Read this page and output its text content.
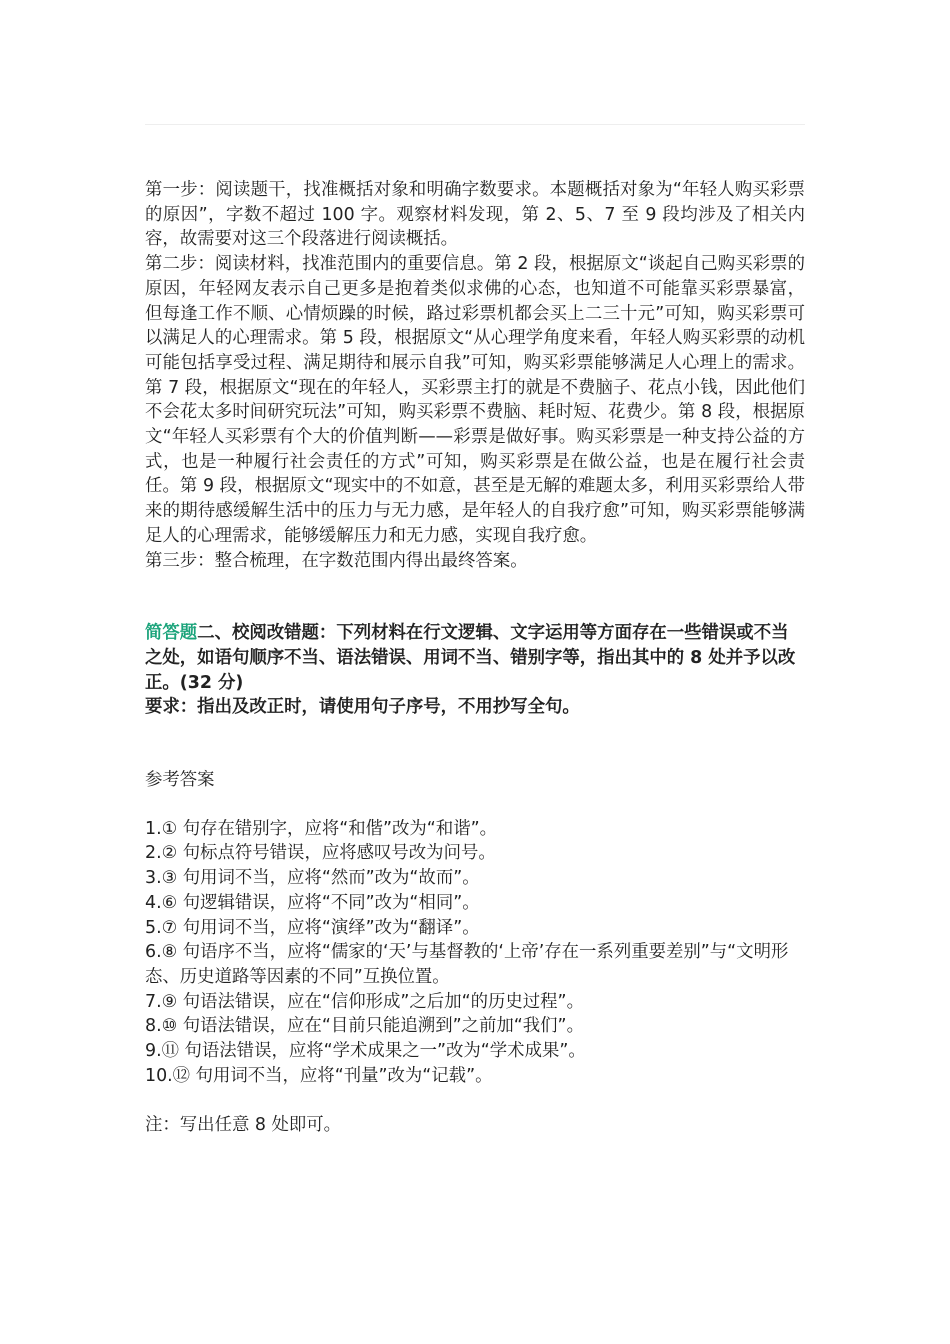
第一步：阅读题干，找准概括对象和明确字数要求。本题概括对象为“年轻人购买彩票的原因”，字数不超过 100 字。观察材料发现，第 2、5、7 至 9 段均涉及了相关内容，故需要对这三个段落进行阅读概括。

第二步：阅读材料，找准范围内的重要信息。第 2 段，根据原文“谈起自己购买彩票的原因，年轻网友表示自己更多是抱着类似求佛的心态，也知道不可能靠买彩票暴富，但每逢工作不顺、心情烦躁的时候，路过彩票机都会买上二三十元”可知，购买彩票可以满足人的心理需求。第 5 段，根据原文“从心理学角度来看，年轻人购买彩票的动机可能包括享受过程、满足期待和展示自我”可知，购买彩票能够满足人心理上的需求。第 7 段，根据原文“现在的年轻人，买彩票主打的就是不费脑子、花点小钱，因此他们不会花太多时间研究玩法”可知，购买彩票不费脑、耗时短、花费少。第 8 段，根据原文“年轻人买彩票有个大的价值判断——彩票是做好事。购买彩票是一种支持公益的方式，也是一种履行社会责任的方式”可知，购买彩票是在做公益，也是在履行社会责任。第 9 段，根据原文“现实中的不如意，甚至是无解的难题太多，利用买彩票给人带来的期待感缓解生活中的压力与无力感，是年轻人的自我疗愈”可知，购买彩票能够满足人的心理需求，能够缓解压力和无力感，实现自我疗愈。

第三步：整合梳理，在字数范围内得出最终答案。

简答题二、校阅改错题：下列材料在行文逻辑、文字运用等方面存在一些错误或不当之处，如语句顺序不当、语法错误、用词不当、错别字等，指出其中的 8 处并予以改正。(32 分)
要求：指出及改正时，请使用句子序号，不用抄写全句。
参考答案

1.① 句存在错别字，应将“和偕”改为“和谐”。

2.② 句标点符号错误，应将感叹号改为问号。

3.③ 句用词不当，应将“然而”改为“故而”。

4.⑥ 句逻辑错误，应将“不同”改为“相同”。

5.⑦ 句用词不当，应将“演绎”改为“翻译”。

6.⑧ 句语序不当，应将“儒家的‘天’与基督教的‘上帝’存在一系列重要差别”与“文明形态、历史道路等因素的不同”互换位置。

7.⑨ 句语法错误，应在“信仰形成”之后加“的历史过程”。

8.⑩ 句语法错误，应在“目前只能追溯到”之前加“我们”。

9.⑪ 句语法错误，应将“学术成果之一”改为“学术成果”。

10.⑫ 句用词不当，应将“刊量”改为“记载”。

注：写出任意 8 处即可。
